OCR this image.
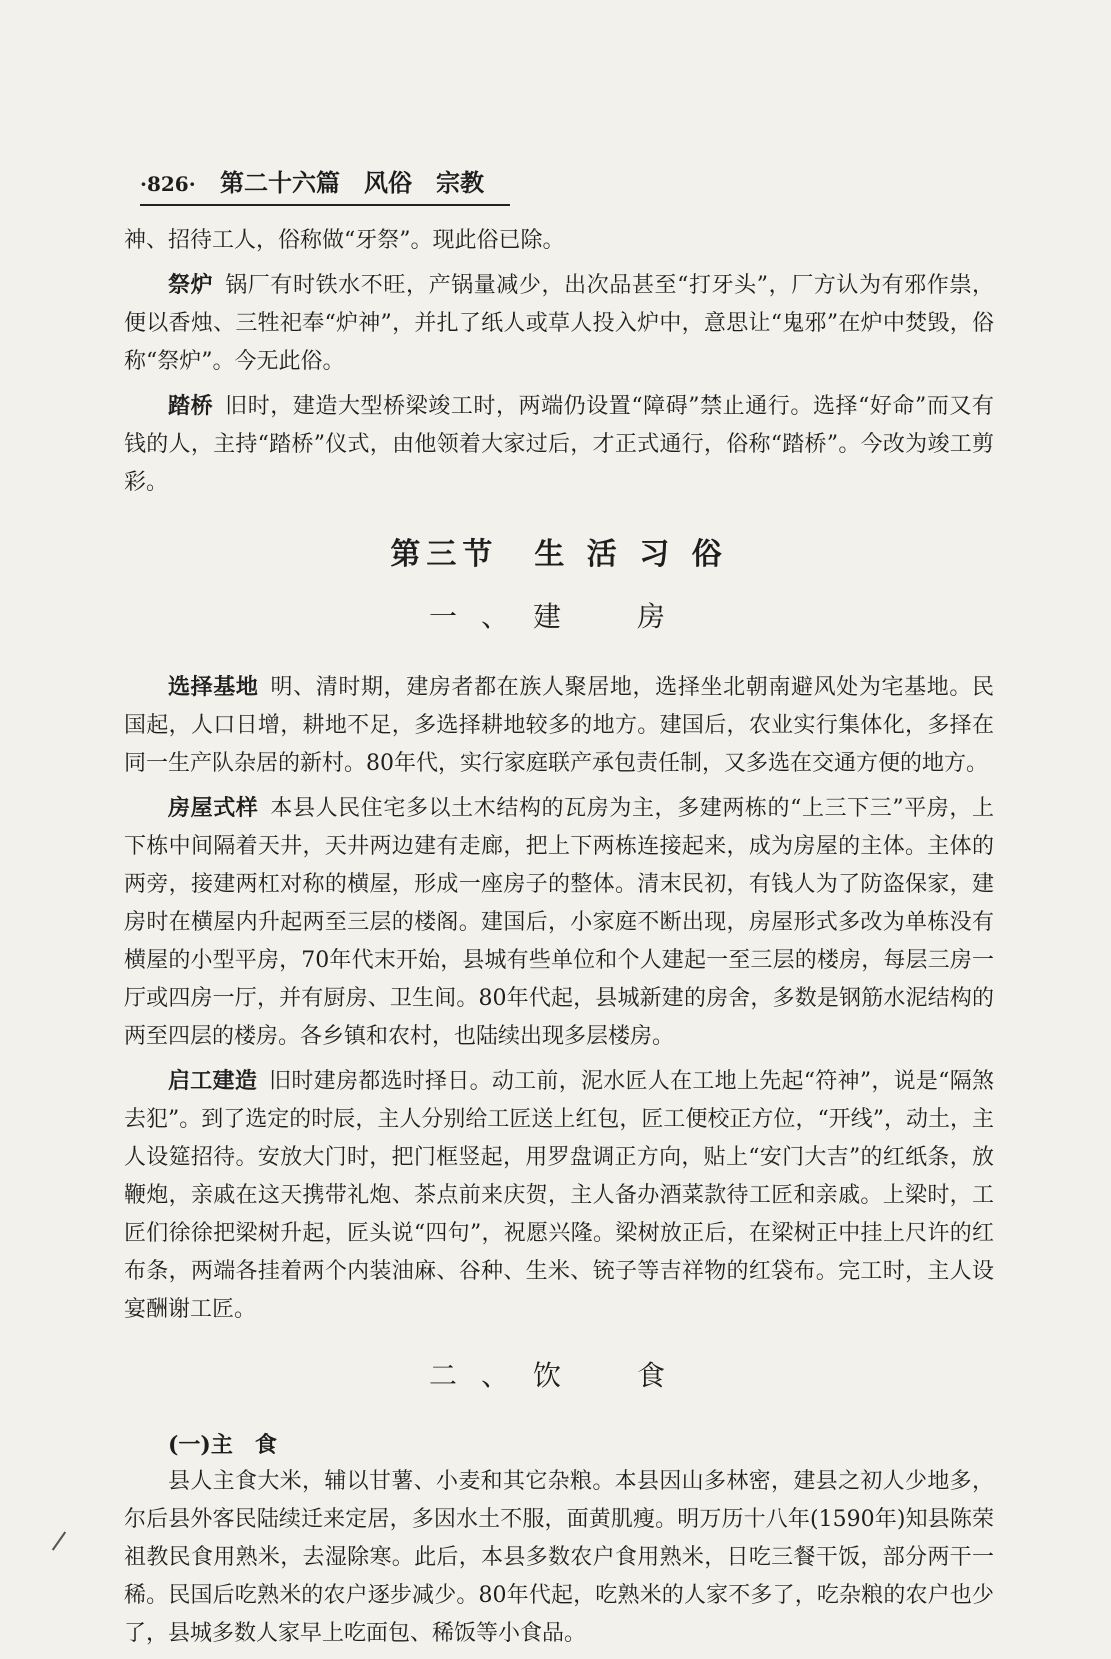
·826· 第二十六篇　风俗　宗教

神、招待工人，俗称做“牙祭”。现此俗已除。

祭炉 锅厂有时铁水不旺，产锅量减少，出次品甚至“打牙头”，厂方认为有邪作祟，便以香烛、三牲祀奉“炉神”，并扎了纸人或草人投入炉中，意思让“鬼邪”在炉中焚毁，俗称“祭炉”。今无此俗。

踏桥 旧时，建造大型桥梁竣工时，两端仍设置“障碍”禁止通行。选择“好命”而又有钱的人，主持“踏桥”仪式，由他领着大家过后，才正式通行，俗称“踏桥”。今改为竣工剪彩。

第三节　生 活 习 俗
一、建　房

选择基地 明、清时期，建房者都在族人聚居地，选择坐北朝南避风处为宅基地。民国起，人口日增，耕地不足，多选择耕地较多的地方。建国后，农业实行集体化，多择在同一生产队杂居的新村。80年代，实行家庭联产承包责任制，又多选在交通方便的地方。

房屋式样 本县人民住宅多以土木结构的瓦房为主，多建两栋的“上三下三”平房，上下栋中间隔着天井，天井两边建有走廊，把上下两栋连接起来，成为房屋的主体。主体的两旁，接建两杠对称的横屋，形成一座房子的整体。清末民初，有钱人为了防盗保家，建房时在横屋内升起两至三层的楼阁。建国后，小家庭不断出现，房屋形式多改为单栋没有横屋的小型平房，70年代末开始，县城有些单位和个人建起一至三层的楼房，每层三房一厅或四房一厅，并有厨房、卫生间。80年代起，县城新建的房舍，多数是钢筋水泥结构的两至四层的楼房。各乡镇和农村，也陆续出现多层楼房。

启工建造 旧时建房都选时择日。动工前，泥水匠人在工地上先起“符神”，说是“隔煞去犯”。到了选定的时辰，主人分别给工匠送上红包，匠工便校正方位，“开线”，动土，主人设筵招待。安放大门时，把门框竖起，用罗盘调正方向，贴上“安门大吉”的红纸条，放鞭炮，亲戚在这天携带礼炮、茶点前来庆贺，主人备办酒菜款待工匠和亲戚。上梁时，工匠们徐徐把梁树升起，匠头说“四句”，祝愿兴隆。梁树放正后，在梁树正中挂上尺许的红布条，两端各挂着两个内装油麻、谷种、生米、铳子等吉祥物的红袋布。完工时，主人设宴酬谢工匠。

二、饮　食
(一)主　食

县人主食大米，辅以甘薯、小麦和其它杂粮。本县因山多林密，建县之初人少地多，尔后县外客民陆续迁来定居，多因水土不服，面黄肌瘦。明万历十八年(1590年)知县陈荣祖教民食用熟米，去湿除寒。此后，本县多数农户食用熟米，日吃三餐干饭，部分两干一稀。民国后吃熟米的农户逐步减少。80年代起，吃熟米的人家不多了，吃杂粮的农户也少了，县城多数人家早上吃面包、稀饭等小食品。
